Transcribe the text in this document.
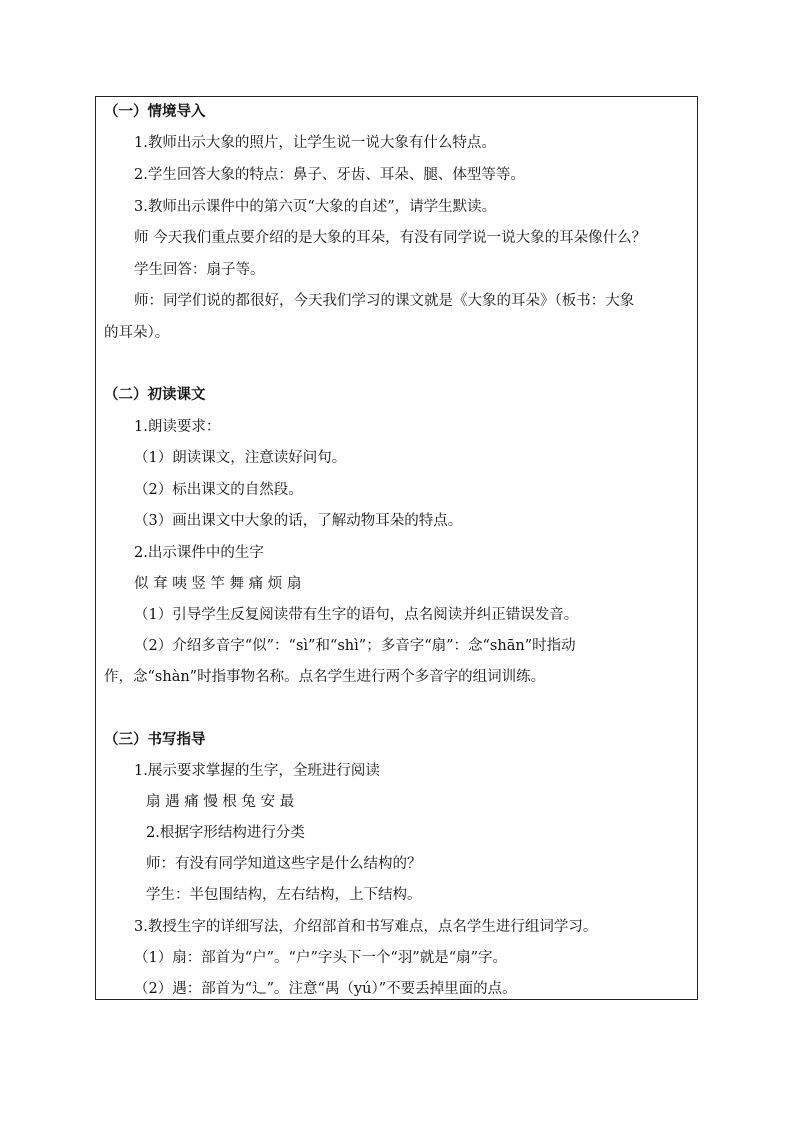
（一）情境导入
1.教师出示大象的照片，让学生说一说大象有什么特点。
2.学生回答大象的特点：鼻子、牙齿、耳朵、腿、体型等等。
3.教师出示课件中的第六页“大象的自述”，请学生默读。
师 今天我们重点要介绍的是大象的耳朵，有没有同学说一说大象的耳朵像什么？
学生回答：扇子等。
师：同学们说的都很好，今天我们学习的课文就是《大象的耳朵》（板书：大象
的耳朵）。
（二）初读课文
1.朗读要求：
（1）朗读课文，注意读好问句。
（2）标出课文的自然段。
（3）画出课文中大象的话，了解动物耳朵的特点。
2.出示课件中的生字
似 耷 咦 竖 竿 舞 痛 烦 扇
（1）引导学生反复阅读带有生字的语句，点名阅读并纠正错误发音。
（2）介绍多音字“似”：“sì”和“shì”；多音字“扇”：念“shān”时指动
作，念“shàn”时指事物名称。点名学生进行两个多音字的组词训练。
（三）书写指导
1.展示要求掌握的生字，全班进行阅读
扇 遇 痛 慢 根 兔 安 最
2.根据字形结构进行分类
师：有没有同学知道这些字是什么结构的？
学生：半包围结构，左右结构，上下结构。
3.教授生字的详细写法，介绍部首和书写难点，点名学生进行组词学习。
（1）扇：部首为“户”。“户”字头下一个“羽”就是“扇”字。
（2）遇：部首为“辶”。注意“禺（yú）”不要丢掉里面的点。
